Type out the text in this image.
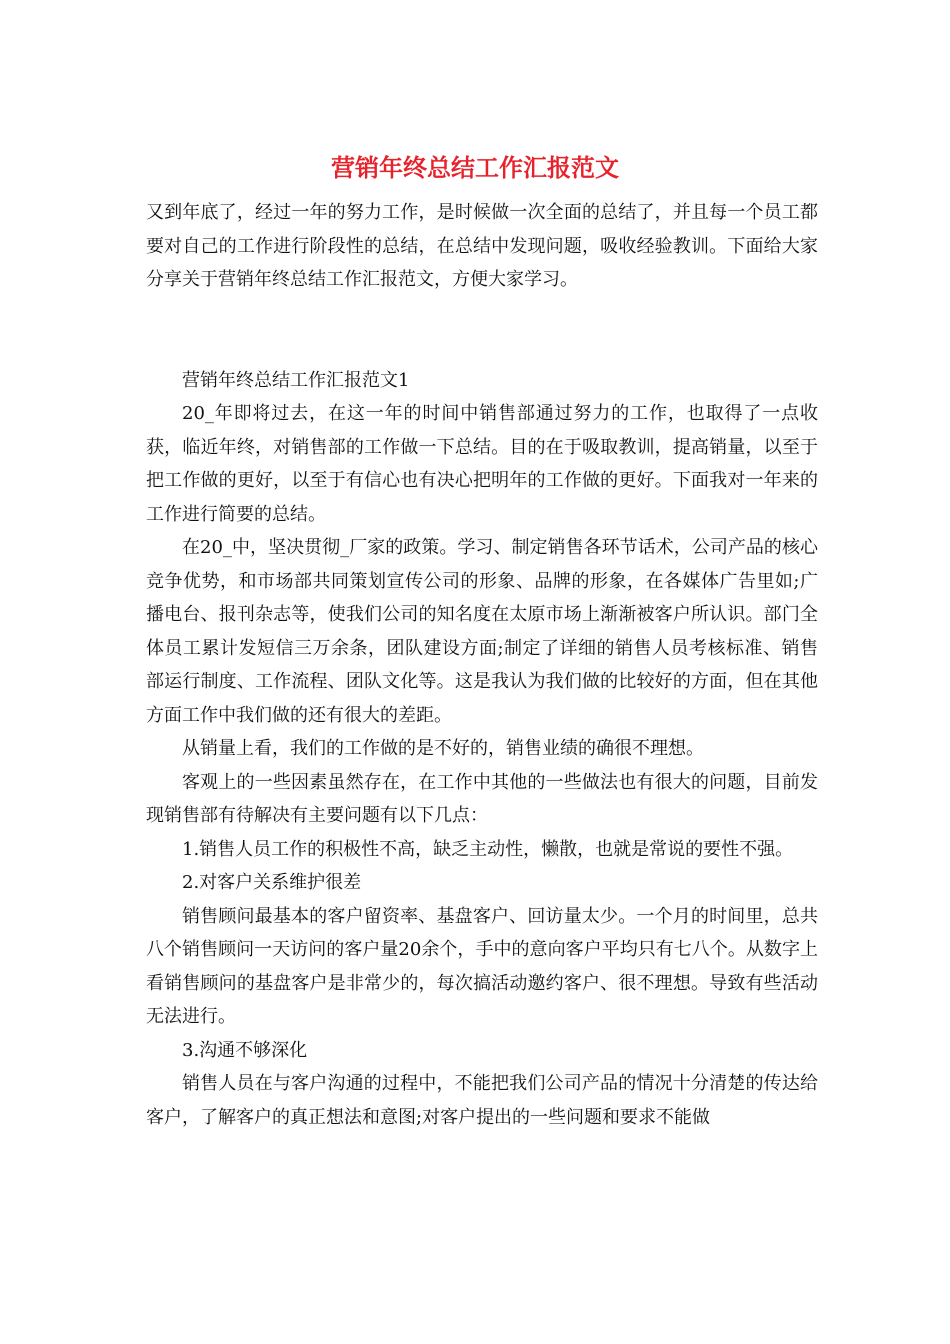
营销年终总结工作汇报范文

又到年底了，经过一年的努力工作，是时候做一次全面的总结了，并且每一个员工都要对自己的工作进行阶段性的总结，在总结中发现问题，吸收经验教训。下面给大家分享关于营销年终总结工作汇报范文，方便大家学习。

营销年终总结工作汇报范文1

20_年即将过去，在这一年的时间中销售部通过努力的工作，也取得了一点收获，临近年终，对销售部的工作做一下总结。目的在于吸取教训，提高销量，以至于把工作做的更好，以至于有信心也有决心把明年的工作做的更好。下面我对一年来的工作进行简要的总结。

在20_中，坚决贯彻_厂家的政策。学习、制定销售各环节话术，公司产品的核心竞争优势，和市场部共同策划宣传公司的形象、品牌的形象，在各媒体广告里如;广播电台、报刊杂志等，使我们公司的知名度在太原市场上渐渐被客户所认识。部门全体员工累计发短信三万余条，团队建设方面;制定了详细的销售人员考核标准、销售部运行制度、工作流程、团队文化等。这是我认为我们做的比较好的方面，但在其他方面工作中我们做的还有很大的差距。

从销量上看，我们的工作做的是不好的，销售业绩的确很不理想。

客观上的一些因素虽然存在，在工作中其他的一些做法也有很大的问题，目前发现销售部有待解决有主要问题有以下几点：

1.销售人员工作的积极性不高，缺乏主动性，懒散，也就是常说的要性不强。

2.对客户关系维护很差

销售顾问最基本的客户留资率、基盘客户、回访量太少。一个月的时间里，总共八个销售顾问一天访问的客户量20余个，手中的意向客户平均只有七八个。从数字上看销售顾问的基盘客户是非常少的，每次搞活动邀约客户、很不理想。导致有些活动无法进行。

3.沟通不够深化

销售人员在与客户沟通的过程中，不能把我们公司产品的情况十分清楚的传达给客户，了解客户的真正想法和意图;对客户提出的一些问题和要求不能做
